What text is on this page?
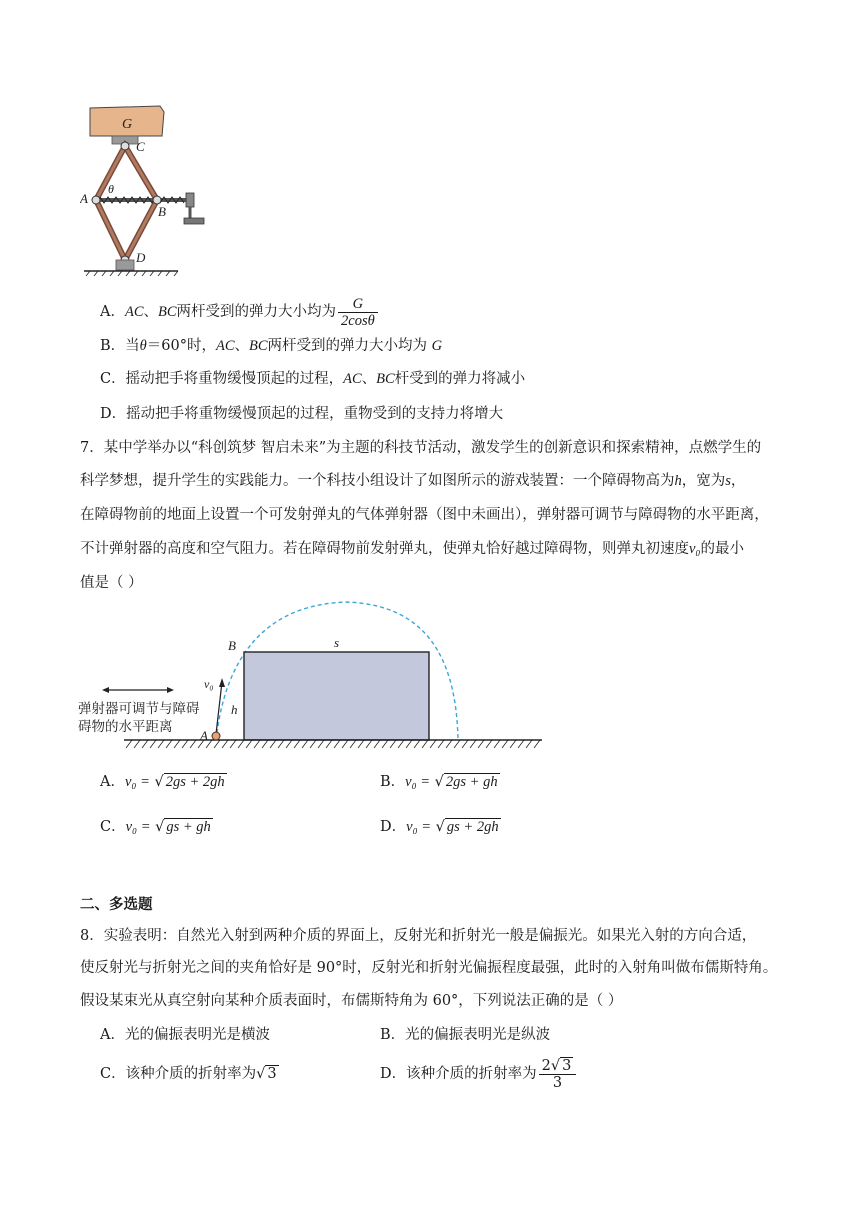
G
C
A
θ
B
D
A．AC、BC两杆受到的弹力大小均为 $\frac{G}{2\cos\theta}$
B．当θ＝60°时，AC、BC两杆受到的弹力大小均为 G
C．摇动把手将重物缓慢顶起的过程，AC、BC杆受到的弹力将减小
D．摇动把手将重物缓慢顶起的过程，重物受到的支持力将增大
7．某中学举办以“科创筑梦 智启未来”为主题的科技节活动，激发学生的创新意识和探索精神，点燃学生的
科学梦想，提升学生的实践能力。一个科技小组设计了如图所示的游戏装置：一个障碍物高为h，宽为s，
在障碍物前的地面上设置一个可发射弹丸的气体弹射器（图中未画出），弹射器可调节与障碍物的水平距离，
不计弹射器的高度和空气阻力。若在障碍物前发射弹丸，使弹丸恰好越过障碍物，则弹丸初速度v₀的最小
值是（ ）
B	s
v₀
h
A
弹射器可调节与障碍
碍物的水平距离
A．v₀ = √ 2gs + 2gh	B．v₀ = √ 2gs + gh
C．v₀ = √ gs + gh	D．v₀ = √ gs + 2gh
二、多选题
8．实验表明：自然光入射到两种介质的界面上，反射光和折射光一般是偏振光。如果光入射的方向合适，
使反射光与折射光之间的夹角恰好是 90°时，反射光和折射光偏振程度最强，此时的入射角叫做布儒斯特角。
假设某束光从真空射向某种介质表面时，布儒斯特角为 60°，下列说法正确的是（ ）
A．光的偏振表明光是横波	B．光的偏振表明光是纵波
C．该种介质的折射率为√ 3	D．该种介质的折射率为 $\frac{2√ 3}{3}$
